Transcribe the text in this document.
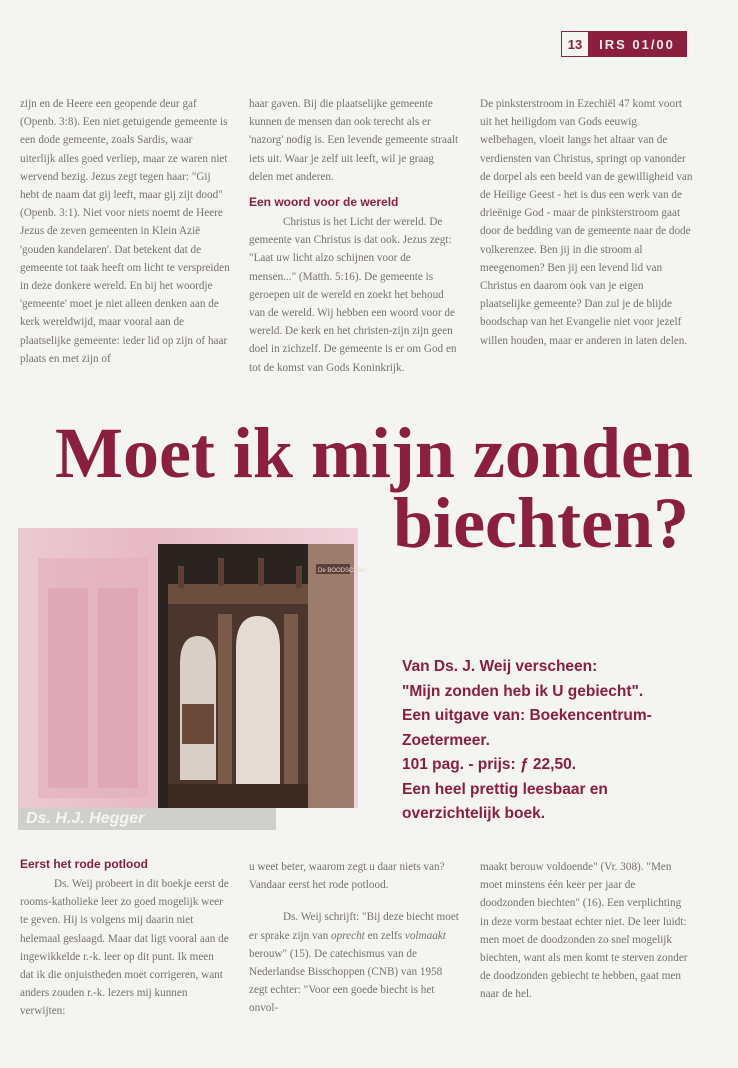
13	IRS 01/00

zijn en de Heere een geopende deur gaf (Openb. 3:8). Een niet getuigende gemeente is een dode gemeente, zoals Sardis, waar uiterlijk alles goed verliep, maar ze waren niet wervend bezig. Jezus zegt tegen haar: "Gij hebt de naam dat gij leeft, maar gij zijt dood" (Openb. 3:1). Niet voor niets noemt de Heere Jezus de zeven gemeenten in Klein Azië 'gouden kandelaren'. Dat betekent dat de gemeente tot taak heeft om licht te verspreiden in deze donkere wereld. En bij het woordje 'gemeente' moet je niet alleen denken aan de kerk wereldwijd, maar vooral aan de plaatselijke gemeente: ieder lid op zijn of haar plaats en met zijn of

haar gaven. Bij die plaatselijke gemeente kunnen de mensen dan ook terecht als er 'nazorg' nodig is. Een levende gemeente straalt iets uit. Waar je zelf uit leeft, wil je graag delen met anderen.

Een woord voor de wereld

Christus is het Licht der wereld. De gemeente van Christus is dat ook. Jezus zegt: "Laat uw licht alzo schijnen voor de mensen..." (Matth. 5:16). De gemeente is geroepen uit de wereld en zoekt het behoud van de wereld. Wij hebben een woord voor de wereld. De kerk en het christen-zijn zijn geen doel in zichzelf. De gemeente is er om God en tot de komst van Gods Koninkrijk.

De pinksterstroom in Ezechiël 47 komt voort uit het heiligdom van Gods eeuwig welbehagen, vloeit langs het altaar van de verdiensten van Christus, springt op vanonder de dorpel als een beeld van de gewilligheid van de Heilige Geest - het is dus een werk van de drieënige God - maar de pinksterstroom gaat door de bedding van de gemeente naar de dode volkerenzee. Ben jij in die stroom al meegenomen? Ben jij een levend lid van Christus en daarom ook van je eigen plaatselijke gemeente? Dan zul je de blijde boodschap van het Evangelie niet voor jezelf willen houden, maar er anderen in laten delen.

Moet ik mijn zonden
biechten?
De BOODSCHAP
Ds. H.J. Hegger

Van Ds. J. Weij verscheen:

"Mijn zonden heb ik U gebiecht".

Een uitgave van: Boekencentrum-Zoetermeer.

101 pag. - prijs: ƒ 22,50.

Een heel prettig leesbaar en overzichtelijk boek.

Eerst het rode potlood

Ds. Weij probeert in dit boekje eerst de rooms-katholieke leer zo goed mogelijk weer te geven. Hij is volgens mij daarin niet helemaal geslaagd. Maar dat ligt vooral aan de ingewikkelde r.-k. leer op dit punt. Ik meen dat ik die onjuistheden moet corrigeren, want anders zouden r.-k. lezers mij kunnen verwijten:

u weet beter, waarom zegt u daar niets van? Vandaar eerst het rode potlood.

Ds. Weij schrijft: "Bij deze biecht moet er sprake zijn van oprecht en zelfs volmaakt berouw" (15). De catechismus van de Nederlandse Bisschoppen (CNB) van 1958 zegt echter: "Voor een goede biecht is het onvol-

maakt berouw voldoende" (Vr. 308). "Men moet minstens één keer per jaar de doodzonden biechten" (16). Een verplichting in deze vorm bestaat echter niet. De leer luidt: men moet de doodzonden zo snel mogelijk biechten, want als men komt te sterven zonder de doodzonden gebiecht te hebben, gaat men naar de hel.
